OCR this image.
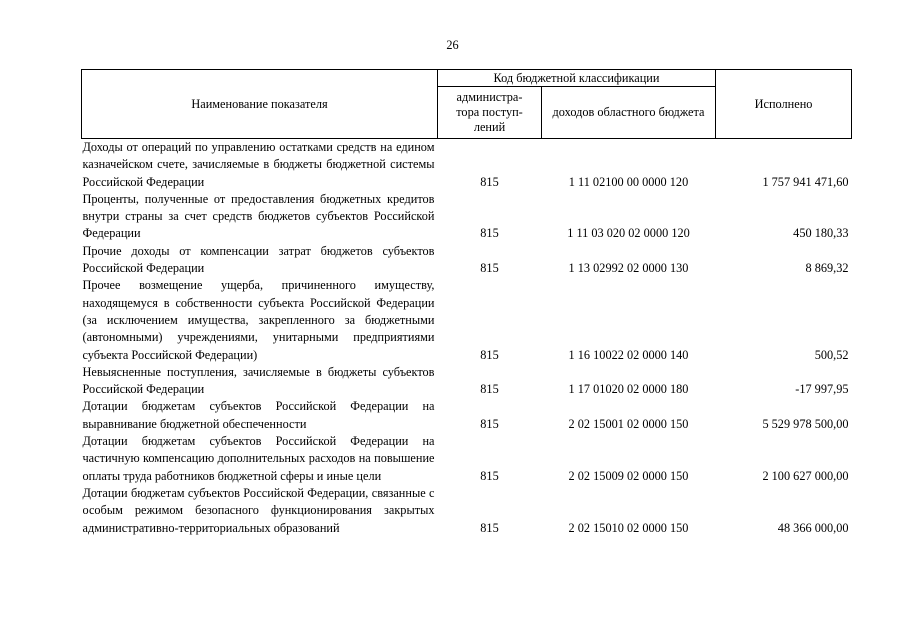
26
Наименование показателя	Код бюджетной классификации		Исполнено
	администра-
тора поступ-
лений	доходов областного бюджета	
Доходы от операций по управлению остатками средств на едином казначейском счете, зачисляемые в бюджеты бюджетной системы Российской Федерации	815	1 11 02100 00 0000 120	1 757 941 471,60
Проценты, полученные от предоставления бюджетных кредитов внутри страны за счет средств бюджетов субъектов Российской Федерации	815	1 11 03 020 02 0000 120	450 180,33
Прочие доходы от компенсации затрат бюджетов субъектов Российской Федерации	815	1 13 02992 02 0000 130	8 869,32
Прочее возмещение ущерба, причиненного имуществу, находящемуся в собственности субъекта Российской Федерации (за исключением имущества, закрепленного за бюджетными (автономными) учреждениями, унитарными предприятиями субъекта Российской Федерации)	815	1 16 10022 02 0000 140	500,52
Невыясненные поступления, зачисляемые в бюджеты субъектов Российской Федерации	815	1 17 01020 02 0000 180	-17 997,95
Дотации бюджетам субъектов Российской Федерации на выравнивание бюджетной обеспеченности	815	2 02 15001 02 0000 150	5 529 978 500,00
Дотации бюджетам субъектов Российской Федерации на частичную компенсацию дополнительных расходов на повышение оплаты труда работников бюджетной сферы и иные цели	815	2 02 15009 02 0000 150	2 100 627 000,00
Дотации бюджетам субъектов Российской Федерации, связанные с особым режимом безопасного функционирования закрытых административно-территориальных образований	815	2 02 15010 02 0000 150	48 366 000,00
